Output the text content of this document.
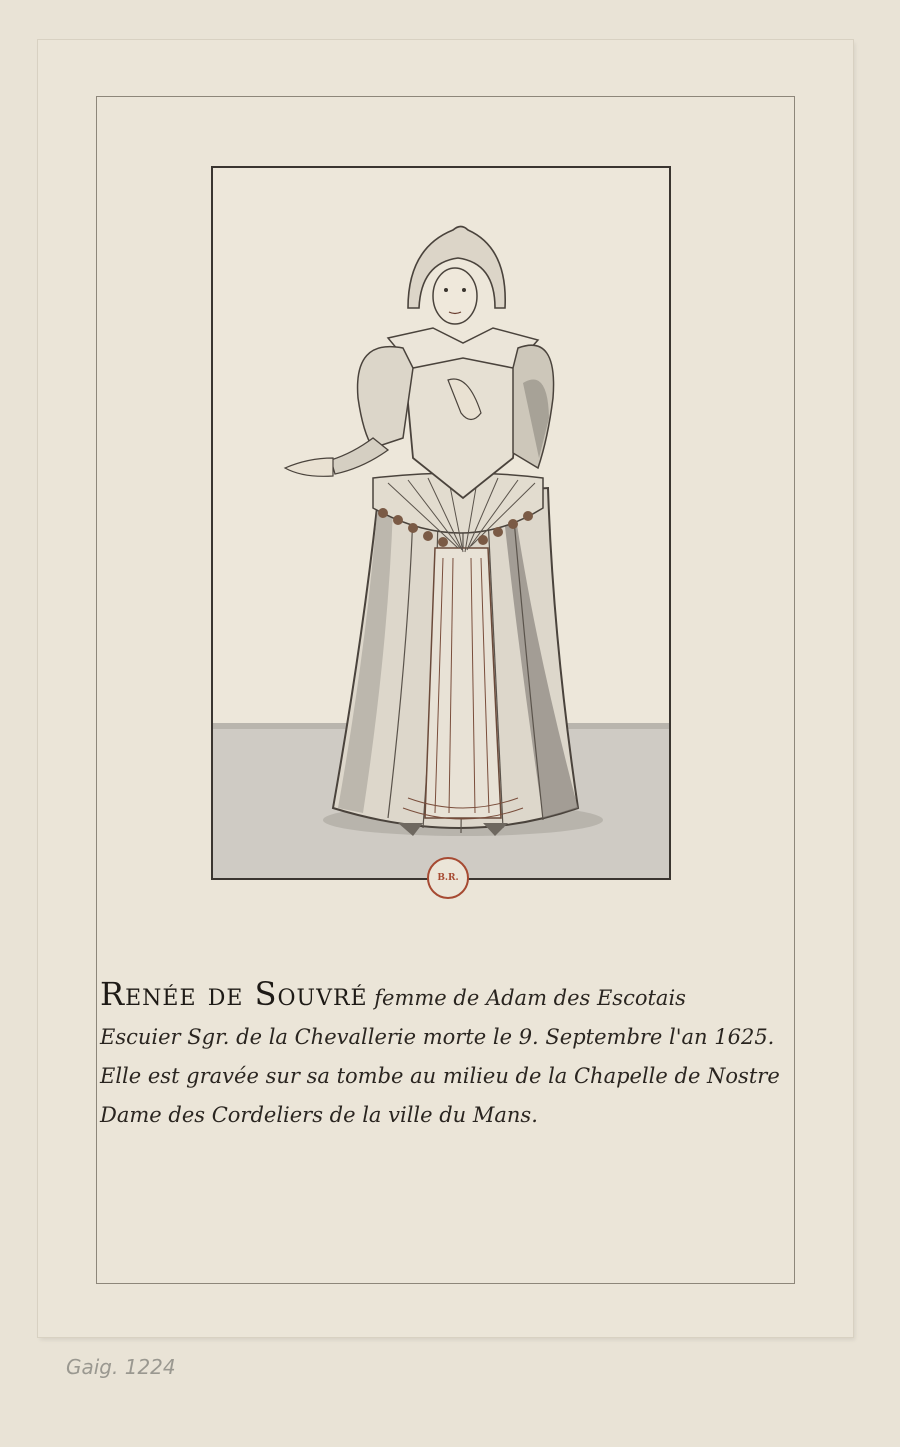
B.R.
Renée de Souvré femme de Adam des Escotais
Escuier Sgr. de la Chevallerie morte le 9. Septembre l'an 1625.
Elle est gravée sur sa tombe au milieu de la Chapelle de Nostre
Dame des Cordeliers de la ville du Mans.
Gaig. 1224
